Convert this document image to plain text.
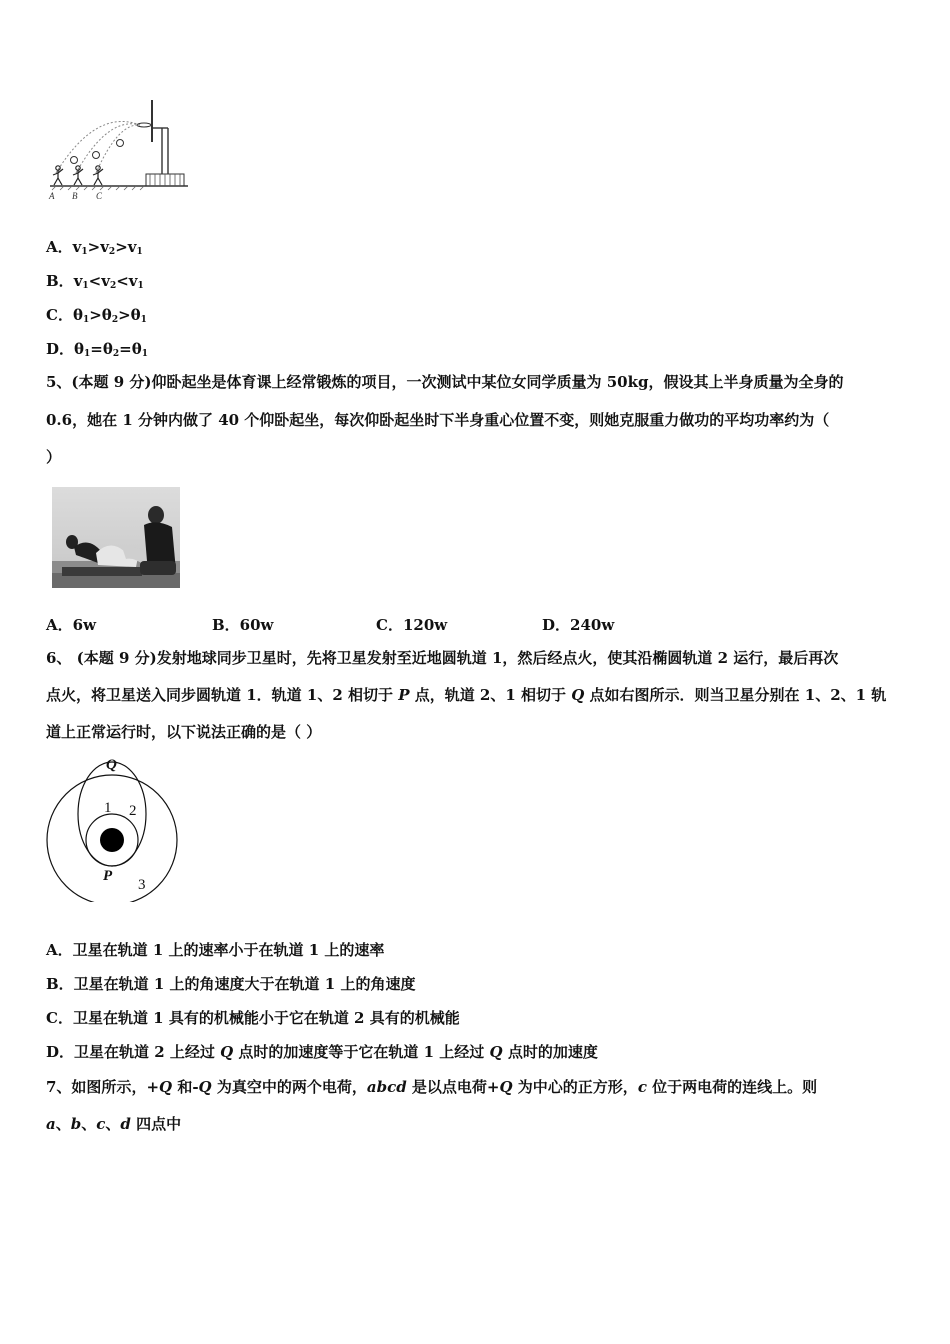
A B C
A．$v_1>v_2>v_1$
B．$v_1<v_2<v_1$
C．$\theta_1>\theta_2>\theta_1$
D．$\theta_1=\theta_2=\theta_1$
5、(本题 9 分)仰卧起坐是体育课上经常锻炼的项目，一次测试中某位女同学质量为 50kg，假设其上半身质量为全身的
0.6，她在 1 分钟内做了 40 个仰卧起坐，每次仰卧起坐时下半身重心位置不变，则她克服重力做功的平均功率约为（
）
A．6w	B．60w	C．120w	D．240w
6、 (本题 9 分)发射地球同步卫星时，先将卫星发射至近地圆轨道 1，然后经点火，使其沿椭圆轨道 2 运行，最后再次
点火，将卫星送入同步圆轨道 1．轨道 1、2 相切于 P 点，轨道 2、1 相切于 Q 点如右图所示．则当卫星分别在 1、2、1 轨
道上正常运行时，以下说法正确的是（ ）
Q
P
1 2
3
A．卫星在轨道 1 上的速率小于在轨道 1 上的速率
B．卫星在轨道 1 上的角速度大于在轨道 1 上的角速度
C．卫星在轨道 1 具有的机械能小于它在轨道 2 具有的机械能
D．卫星在轨道 2 上经过 Q 点时的加速度等于它在轨道 1 上经过 Q 点时的加速度
7、如图所示，+Q 和-Q 为真空中的两个电荷，abcd 是以点电荷+Q 为中心的正方形，c 位于两电荷的连线上。则
a、b、c、d 四点中
